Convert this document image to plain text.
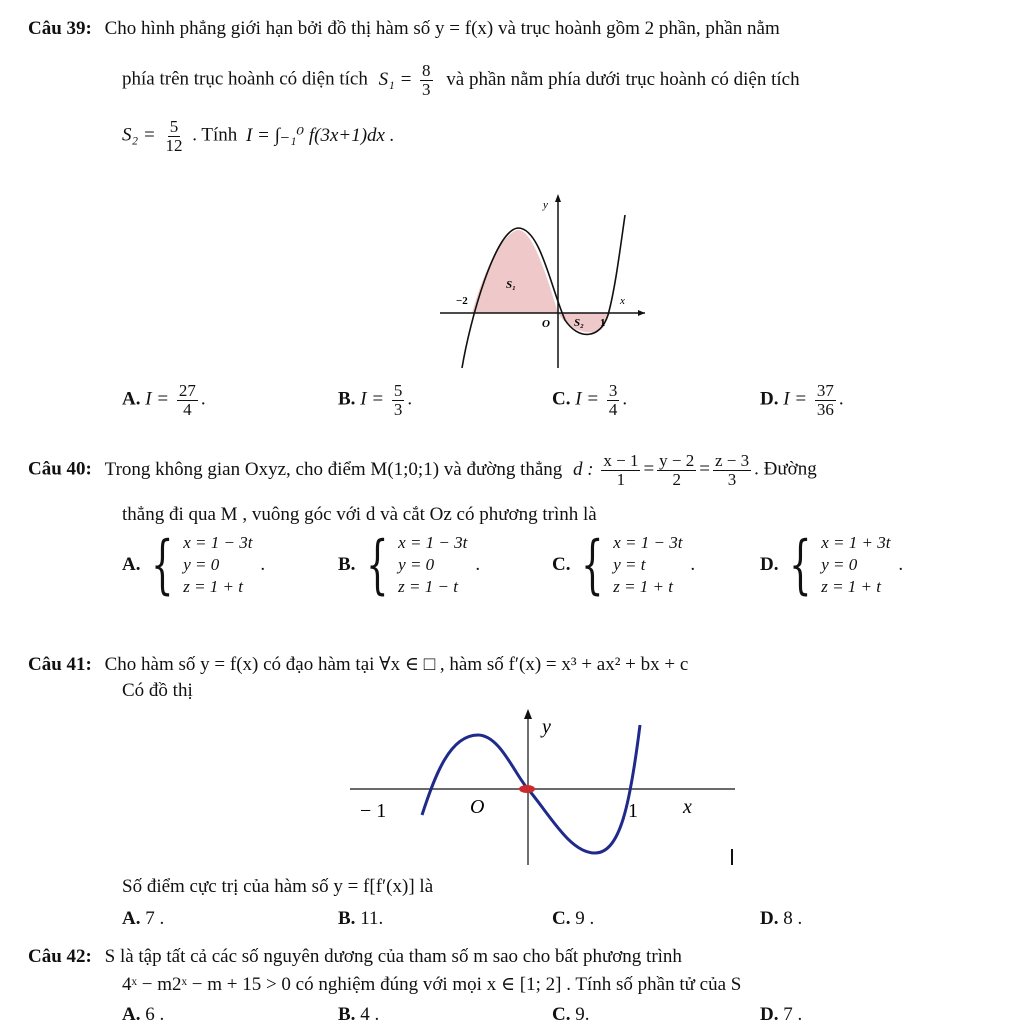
Câu 39: Cho hình phẳng giới hạn bởi đồ thị hàm số y = f(x) và trục hoành gồm 2 phần, phần nằm
phía trên trục hoành có diện tích $S_1 = \frac{8}{3}$ và phần nằm phía dưới trục hoành có diện tích
$S_2 = \frac{5}{12}$ . Tính I = ∫₋₁⁰ f(3x+1)dx .
y
S₁
−2
O S₂ 1
x
A. $I = \frac{27}{4}$ .	B. $I = \frac{5}{3}$ .	C. $I = \frac{3}{4}$ .	D. $I = \frac{37}{36}$ .
Câu 40: Trong không gian Oxyz, cho điểm M(1;0;1) và đường thẳng d : $\frac{x - 1}{1} = \frac{y - 2}{2} = \frac{z - 3}{3}$ . Đường
thẳng đi qua M , vuông góc với d và cắt Oz có phương trình là
A. { x = 1 − 3t
y = 0
z = 1 + t
.	B. { x = 1 − 3t
y = 0
z = 1 − t
.	C. { x = 1 − 3t
y = t
z = 1 + t
.	D. { x = 1 + 3t
y = 0
z = 1 + t
.
Câu 41: Cho hàm số y = f(x) có đạo hàm tại ∀x ∈ □ , hàm số f′(x) = x³ + ax² + bx + c
Có đồ thị
y
− 1	O	1 x
Số điểm cực trị của hàm số y = f[f′(x)] là
A. 7 .	B. 11.	C. 9 .	D. 8 .
Câu 42: S là tập tất cả các số nguyên dương của tham số m sao cho bất phương trình
4ˣ − m2ˣ − m + 15 > 0 có nghiệm đúng với mọi x ∈ [1; 2] . Tính số phần tử của S
A. 6 .	B. 4 .	C. 9.	D. 7 .
